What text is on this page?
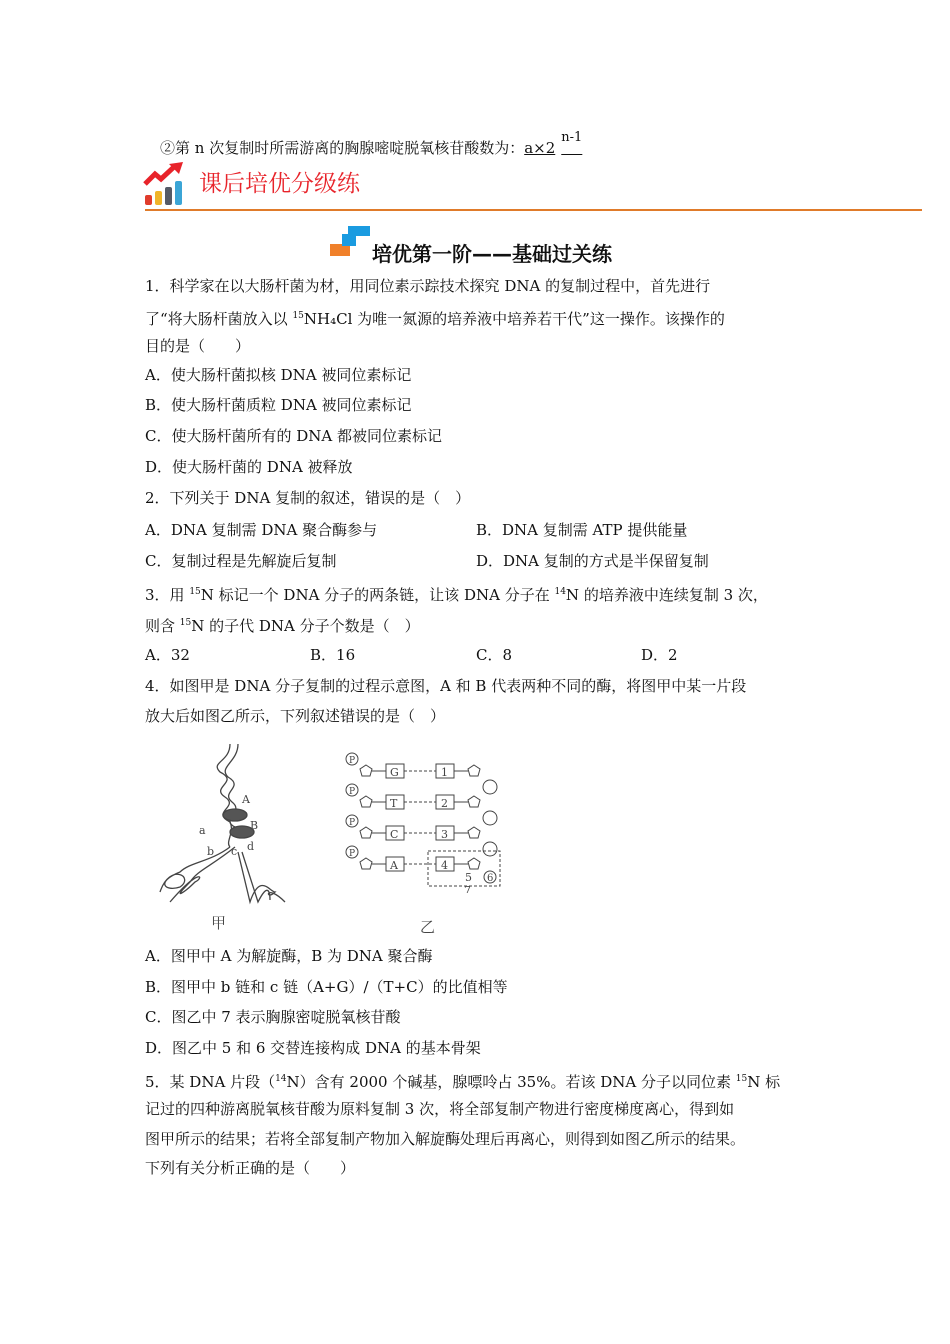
②第 n 次复制时所需游离的胸腺嘧啶脱氧核苷酸数为：$a\times 2^{n-1}$
课后培优分级练
培优第一阶——基础过关练
1．科学家在以大肠杆菌为材，用同位素示踪技术探究 DNA 的复制过程中，首先进行
了“将大肠杆菌放入以 $^{15}$NH₄Cl 为唯一氮源的培养液中培养若干代”这一操作。该操作的
目的是（　　）
A．使大肠杆菌拟核 DNA 被同位素标记
B．使大肠杆菌质粒 DNA 被同位素标记
C．使大肠杆菌所有的 DNA 都被同位素标记
D．使大肠杆菌的 DNA 被释放
2．下列关于 DNA 复制的叙述，错误的是（　）
A．DNA 复制需 DNA 聚合酶参与	B．DNA 复制需 ATP 提供能量
C．复制过程是先解旋后复制	D．DNA 复制的方式是半保留复制
3．用 $^{15}$N 标记一个 DNA 分子的两条链，让该 DNA 分子在 $^{14}$N 的培养液中连续复制 3 次，
则含 $^{15}$N 的子代 DNA 分子个数是（　）
A．32	B．16	C．8	D．2
4．如图甲是 DNA 分子复制的过程示意图，A 和 B 代表两种不同的酶，将图甲中某一片段
放大后如图乙所示，下列叙述错误的是（　）
A
B
a
b c d
甲
P
G	1
P
T	2
P
C	3
P
A	4
5 6
7
乙
A．图甲中 A 为解旋酶，B 为 DNA 聚合酶
B．图甲中 b 链和 c 链（A+G）/（T+C）的比值相等
C．图乙中 7 表示胸腺密啶脱氧核苷酸
D．图乙中 5 和 6 交替连接构成 DNA 的基本骨架
5．某 DNA 片段（$^{14}$N）含有 2000 个碱基，腺嘌呤占 35%。若该 DNA 分子以同位素 $^{15}$N 标
记过的四种游离脱氧核苷酸为原料复制 3 次，将全部复制产物进行密度梯度离心，得到如
图甲所示的结果；若将全部复制产物加入解旋酶处理后再离心，则得到如图乙所示的结果。
下列有关分析正确的是（　　）
